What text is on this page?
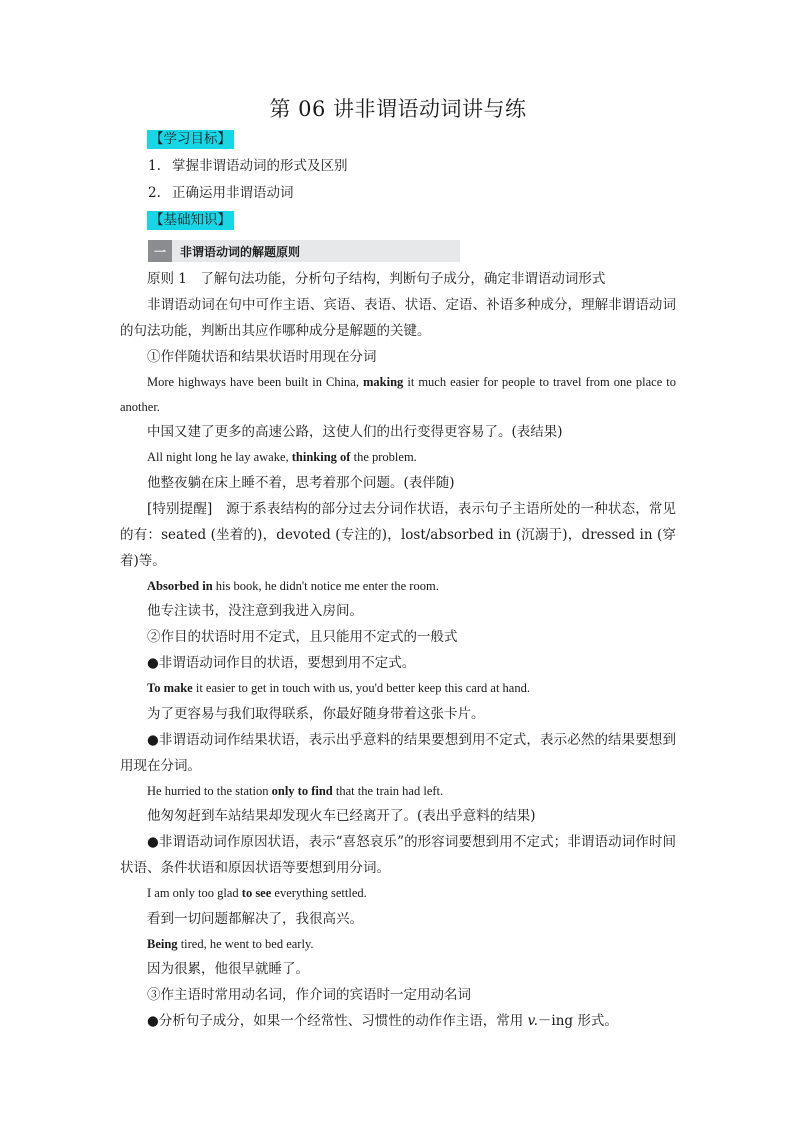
第 06 讲非谓语动词讲与练
【学习目标】
1. 掌握非谓语动词的形式及区别
2. 正确运用非谓语动词
【基础知识】
一	非谓语动词的解题原则

原则 1　了解句法功能，分析句子结构，判断句子成分，确定非谓语动词形式

非谓语动词在句中可作主语、宾语、表语、状语、定语、补语多种成分，理解非谓语动词的句法功能，判断出其应作哪种成分是解题的关键。

①作伴随状语和结果状语时用现在分词

More highways have been built in China, making it much easier for people to travel from one place to another.

中国又建了更多的高速公路，这使人们的出行变得更容易了。(表结果)

All night long he lay awake, thinking of the problem.

他整夜躺在床上睡不着，思考着那个问题。(表伴随)

[特别提醒]　源于系表结构的部分过去分词作状语，表示句子主语所处的一种状态，常见的有：seated (坐着的)，devoted (专注的)，lost/absorbed in (沉溺于)，dressed in (穿着)等。

Absorbed in his book, he didn't notice me enter the room.

他专注读书，没注意到我进入房间。

②作目的状语时用不定式，且只能用不定式的一般式

●非谓语动词作目的状语，要想到用不定式。

To make it easier to get in touch with us, you'd better keep this card at hand.

为了更容易与我们取得联系，你最好随身带着这张卡片。

●非谓语动词作结果状语，表示出乎意料的结果要想到用不定式，表示必然的结果要想到用现在分词。

He hurried to the station only to find that the train had left.

他匆匆赶到车站结果却发现火车已经离开了。(表出乎意料的结果)

●非谓语动词作原因状语，表示“喜怒哀乐”的形容词要想到用不定式；非谓语动词作时间状语、条件状语和原因状语等要想到用分词。

I am only too glad to see everything settled.

看到一切问题都解决了，我很高兴。

Being tired, he went to bed early.

因为很累，他很早就睡了。

③作主语时常用动名词，作介词的宾语时一定用动名词

●分析句子成分，如果一个经常性、习惯性的动作作主语，常用 v.－ing 形式。
